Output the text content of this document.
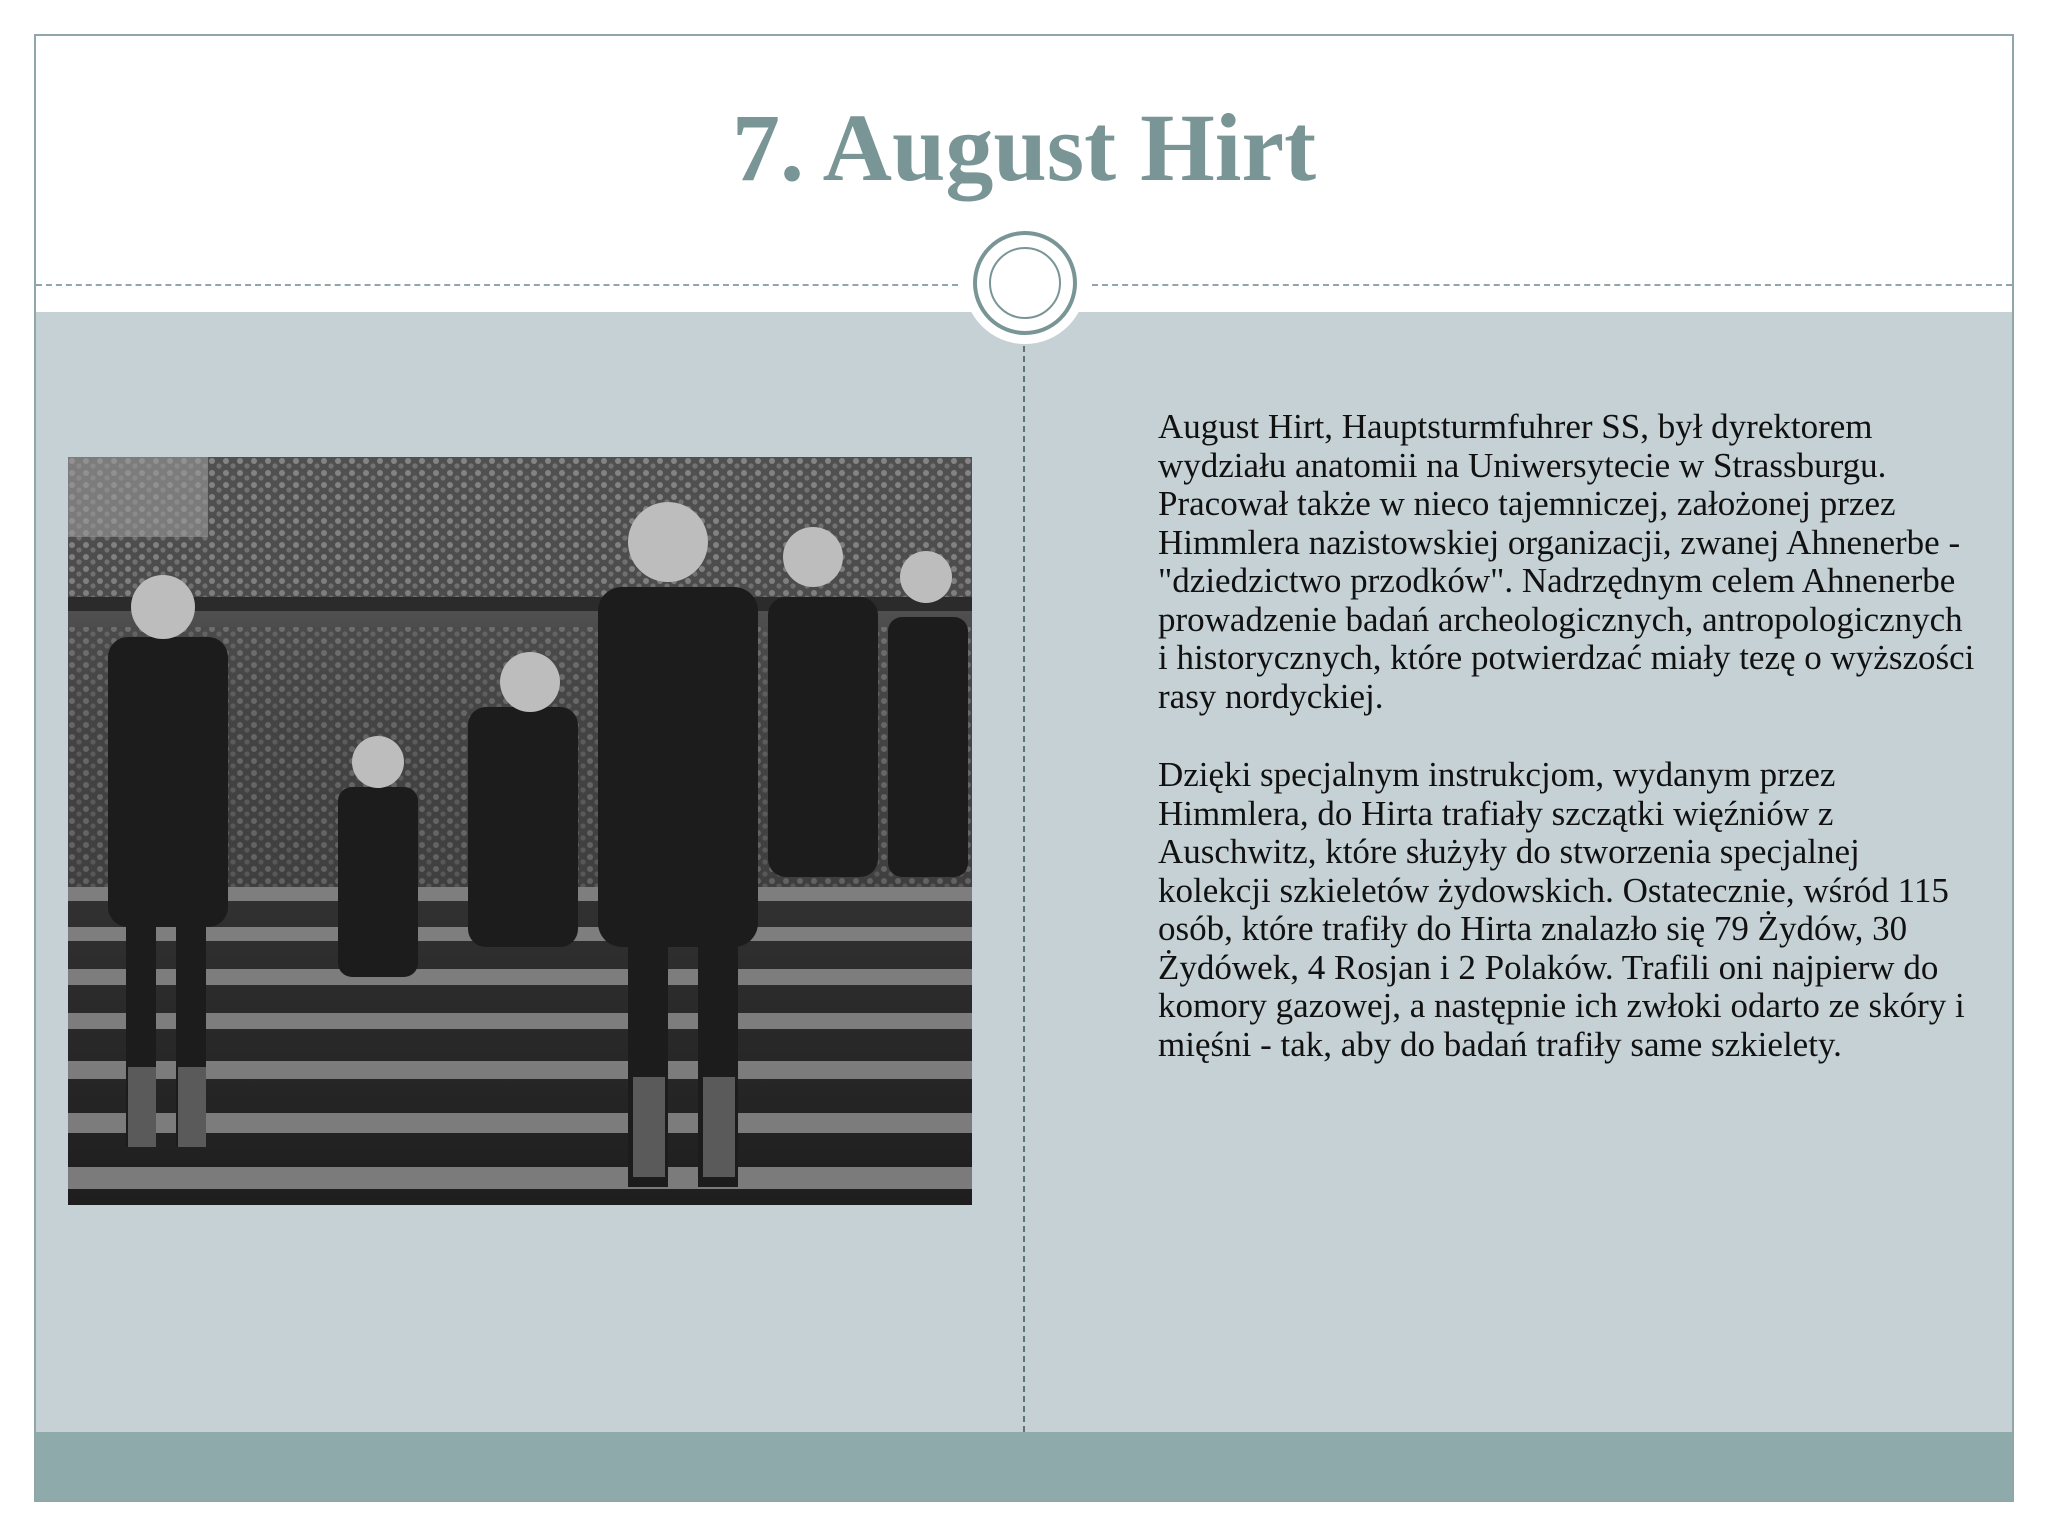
7. August Hirt

August Hirt, Hauptsturmfuhrer SS, był dyrektorem wydziału anatomii na Uniwersytecie w Strassburgu. Pracował także w nieco tajemniczej, założonej przez Himmlera nazistowskiej organizacji, zwanej Ahnenerbe - "dziedzictwo przodków". Nadrzędnym celem Ahnenerbe prowadzenie badań archeologicznych, antropologicznych i historycznych, które potwierdzać miały tezę o wyższości rasy nordyckiej.

Dzięki specjalnym instrukcjom, wydanym przez Himmlera, do Hirta trafiały szczątki więźniów z Auschwitz, które służyły do stworzenia specjalnej kolekcji szkieletów żydowskich. Ostatecznie, wśród 115 osób, które trafiły do Hirta znalazło się 79 Żydów, 30 Żydówek, 4 Rosjan i 2 Polaków. Trafili oni najpierw do komory gazowej, a następnie ich zwłoki odarto ze skóry i mięśni - tak, aby do badań trafiły same szkielety.
